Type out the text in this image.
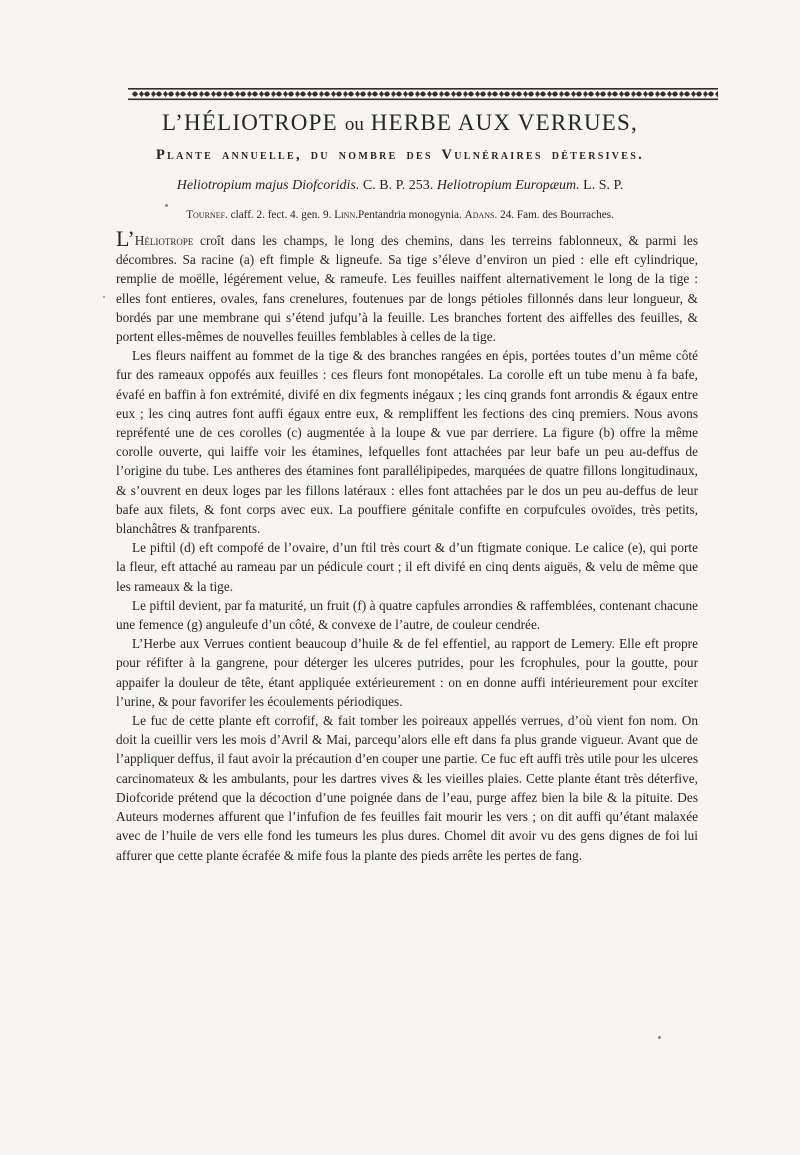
L’HÉLIOTROPE ou HERBE AUX VERRUES,
Plante annuelle, du nombre des Vulnéraires détersives.
Heliotropium majus Diofcoridis. C. B. P. 253. Heliotropium Europæum. L. S. P.
Tournef. claff. 2. fect. 4. gen. 9. Linn.Pentandria monogynia. Adans. 24. Fam. des Bourraches.

L’Héliotrope croît dans les champs, le long des chemins, dans les terreins fablonneux, & parmi les décombres. Sa racine (a) eft fimple & ligneufe. Sa tige s’éleve d’environ un pied : elle eft cylindrique, remplie de moëlle, légérement velue, & rameufe. Les feuilles naiffent alternativement le long de la tige : elles font entieres, ovales, fans crenelures, foutenues par de longs pétioles fillonnés dans leur longueur, & bordés par une membrane qui s’étend jufqu’à la feuille. Les branches fortent des aiffelles des feuilles, & portent elles-mêmes de nouvelles feuilles femblables à celles de la tige.

Les fleurs naiffent au fommet de la tige & des branches rangées en épis, portées toutes d’un même côté fur des rameaux oppofés aux feuilles : ces fleurs font monopétales. La corolle eft un tube menu à fa bafe, évafé en baffin à fon extrémité, divifé en dix fegments inégaux ; les cinq grands font arrondis & égaux entre eux ; les cinq autres font auffi égaux entre eux, & rempliffent les fections des cinq premiers. Nous avons repréfenté une de ces corolles (c) augmentée à la loupe & vue par derriere. La figure (b) offre la même corolle ouverte, qui laiffe voir les étamines, lefquelles font attachées par leur bafe un peu au-deffus de l’origine du tube. Les antheres des étamines font parallélipipedes, marquées de quatre fillons longitudinaux, & s’ouvrent en deux loges par les fillons latéraux : elles font attachées par le dos un peu au-deffus de leur bafe aux filets, & font corps avec eux. La pouffiere génitale confifte en corpufcules ovoïdes, très petits, blanchâtres & tranfparents.

Le piftil (d) eft compofé de l’ovaire, d’un ftil très court & d’un ftigmate conique. Le calice (e), qui porte la fleur, eft attaché au rameau par un pédicule court ; il eft divifé en cinq dents aiguës, & velu de même que les rameaux & la tige.

Le piftil devient, par fa maturité, un fruit (f) à quatre capfules arrondies & raffemblées, contenant chacune une femence (g) anguleufe d’un côté, & convexe de l’autre, de couleur cendrée.

L’Herbe aux Verrues contient beaucoup d’huile & de fel effentiel, au rapport de Lemery. Elle eft propre pour réfifter à la gangrene, pour déterger les ulceres putrides, pour les fcrophules, pour la goutte, pour appaifer la douleur de tête, étant appliquée extérieurement : on en donne auffi intérieurement pour exciter l’urine, & pour favorifer les écoulements périodiques.

Le fuc de cette plante eft corrofif, & fait tomber les poireaux appellés verrues, d’où vient fon nom. On doit la cueillir vers les mois d’Avril & Mai, parcequ’alors elle eft dans fa plus grande vigueur. Avant que de l’appliquer deffus, il faut avoir la précaution d’en couper une partie. Ce fuc eft auffi très utile pour les ulceres carcinomateux & les ambulants, pour les dartres vives & les vieilles plaies. Cette plante étant très déterfive, Diofcoride prétend que la décoction d’une poignée dans de l’eau, purge affez bien la bile & la pituite. Des Auteurs modernes affurent que l’infufion de fes feuilles fait mourir les vers ; on dit auffi qu’étant malaxée avec de l’huile de vers elle fond les tumeurs les plus dures. Chomel dit avoir vu des gens dignes de foi lui affurer que cette plante écrafée & mife fous la plante des pieds arrête les pertes de fang.
